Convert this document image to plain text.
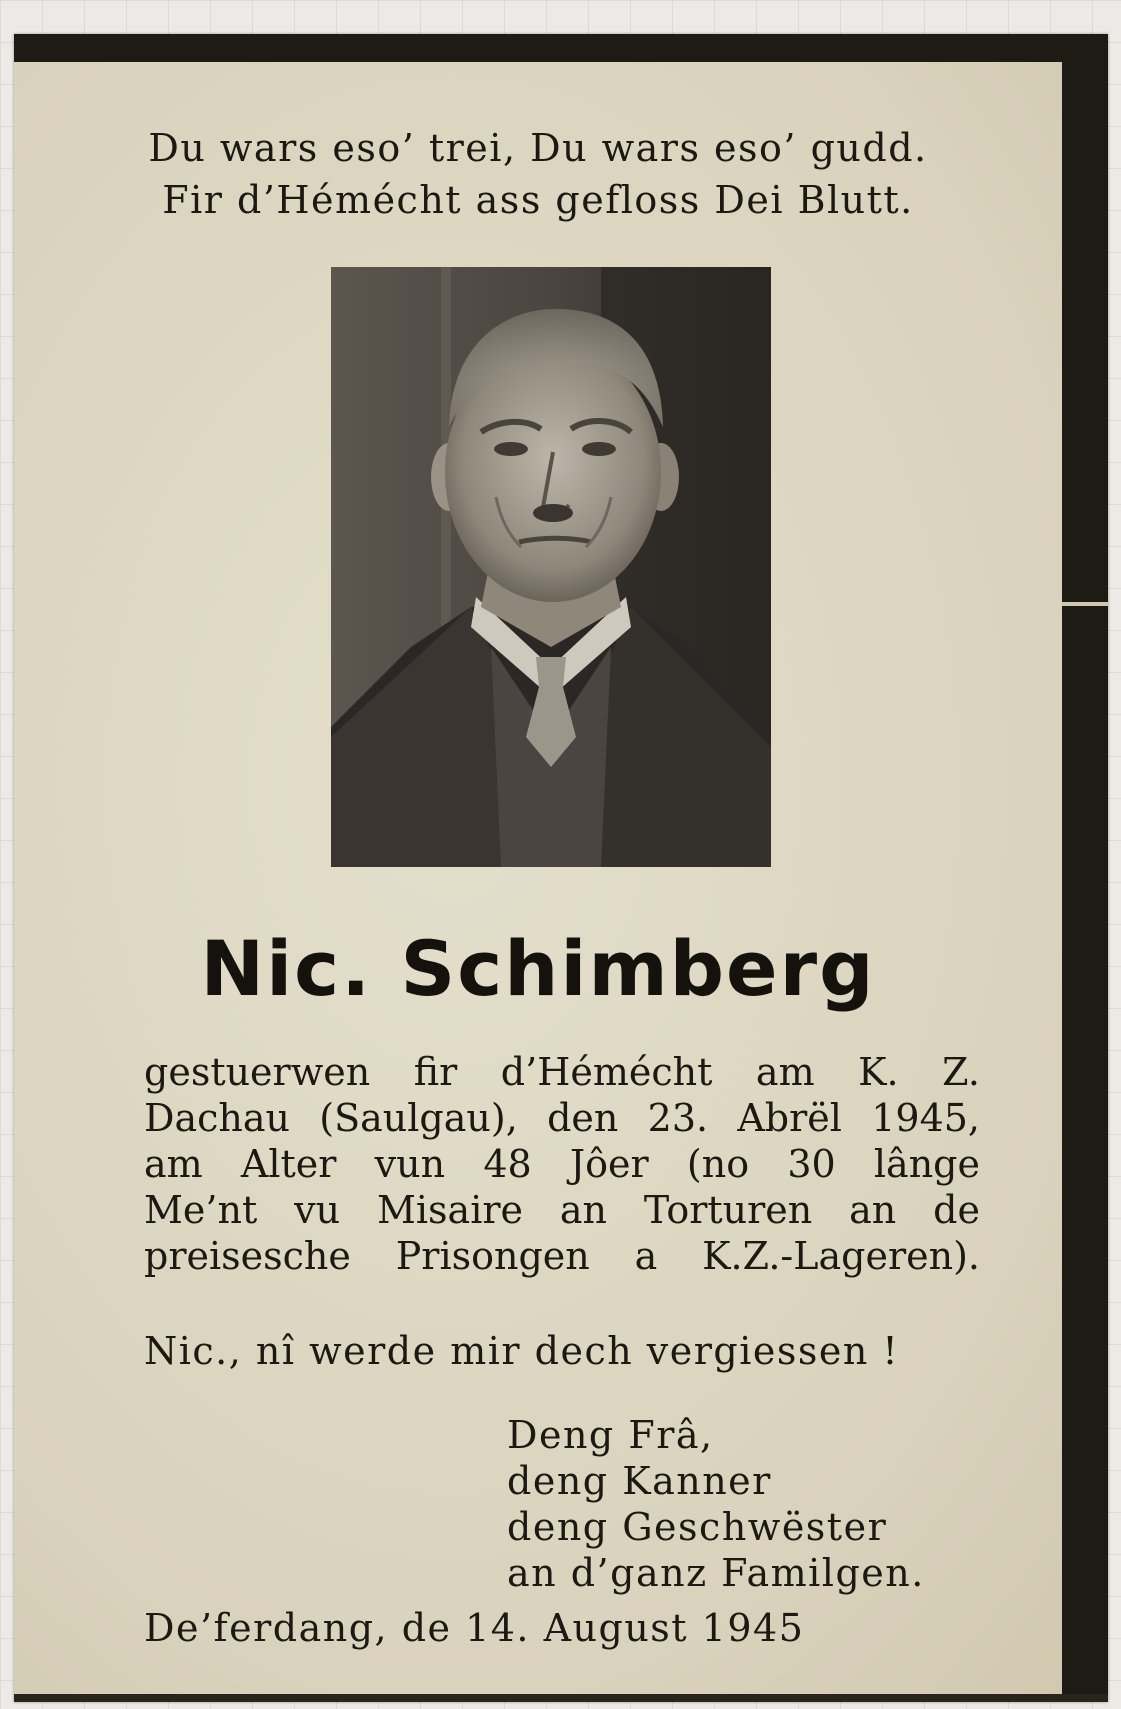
Du wars eso’ trei, Du wars eso’ gudd.
Fir d’Hémécht ass gefloss Dei Blutt.
Nic. Schimberg
gestuerwen fir d’Hémécht am K. Z.
Dachau (Saulgau), den 23. Abrël 1945,
am Alter vun 48 Jôer (no 30 lânge
Me’nt vu Misaire an Torturen an de
preisesche Prisongen a K.Z.-Lageren).
Nic., nî werde mir dech vergiessen !
Deng Frâ,
deng Kanner
deng Geschwëster
an d’ganz Familgen.
De’ferdang, de 14. August 1945
